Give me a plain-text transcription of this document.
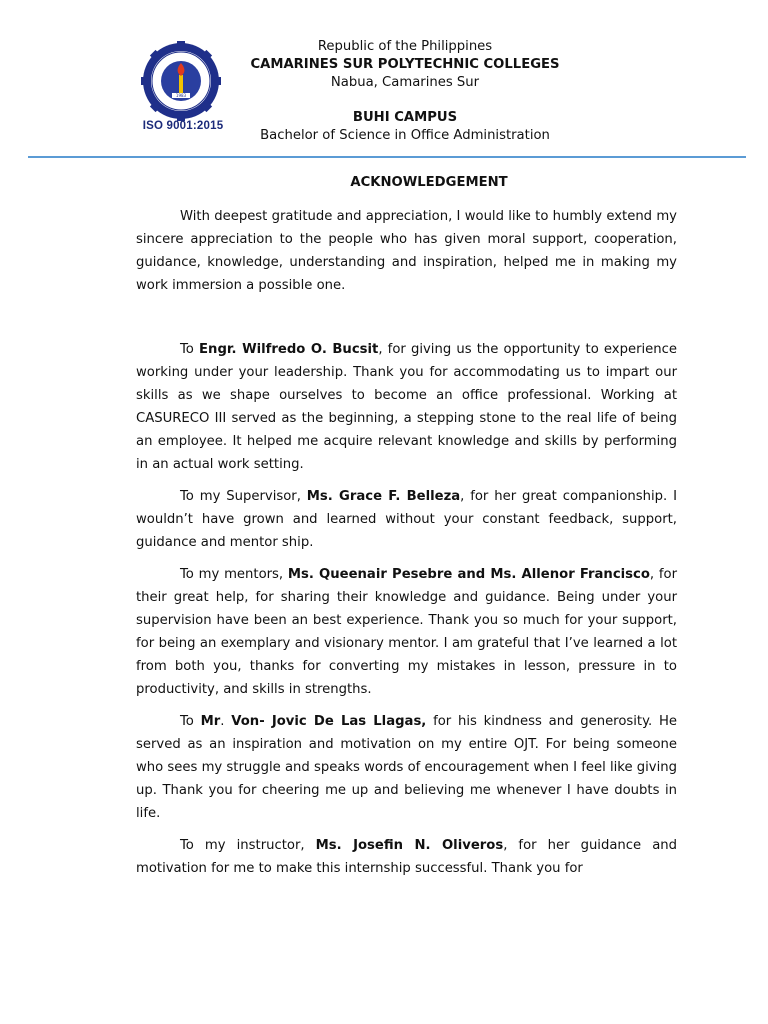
1983
ISO 9001:2015
Republic of the Philippines
CAMARINES SUR POLYTECHNIC COLLEGES
Nabua, Camarines Sur
BUHI CAMPUS
Bachelor of Science in Office Administration
ACKNOWLEDGEMENT

With deepest gratitude and appreciation, I would like to humbly extend my sincere appreciation to the people who has given moral support, cooperation, guidance, knowledge, understanding and inspiration, helped me in making my work immersion a possible one.

To Engr. Wilfredo O. Bucsit, for giving us the opportunity to experience working under your leadership. Thank you for accommodating us to impart our skills as we shape ourselves to become an office professional. Working at CASURECO III served as the beginning, a stepping stone to the real life of being an employee. It helped me acquire relevant knowledge and skills by performing in an actual work setting.

To my Supervisor, Ms. Grace F. Belleza, for her great companionship. I wouldn’t have grown and learned without your constant feedback, support, guidance and mentor ship.

To my mentors, Ms. Queenair Pesebre and Ms. Allenor Francisco, for their great help, for sharing their knowledge and guidance. Being under your supervision have been an best experience. Thank you so much for your support, for being an exemplary and visionary mentor. I am grateful that I’ve learned a lot from both you, thanks for converting my mistakes in lesson, pressure in to productivity, and skills in strengths.

To Mr. Von- Jovic De Las Llagas, for his kindness and generosity. He served as an inspiration and motivation on my entire OJT. For being someone who sees my struggle and speaks words of encouragement when I feel like giving up. Thank you for cheering me up and believing me whenever I have doubts in life.

To my instructor, Ms. Josefin N. Oliveros, for her guidance and motivation for me to make this internship successful. Thank you for
